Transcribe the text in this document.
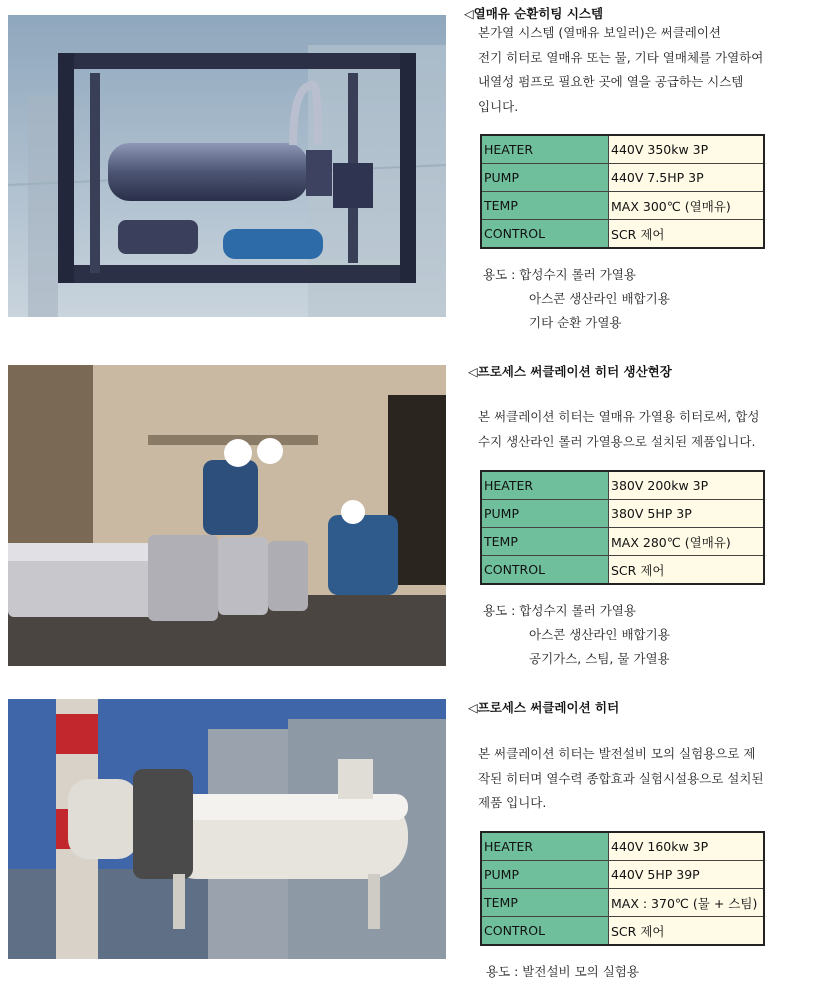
◁열매유 순환히팅 시스템
본가열 시스템 (열매유 보일러)은 써클레이션
전기 히터로 열매유 또는 물, 기타 열매체를 가열하여
내열성 펌프로 필요한 곳에 열을 공급하는 시스템
입니다.
HEATER	440V 350kw 3P
PUMP	440V 7.5HP 3P
TEMP	MAX 300℃ (열매유)
CONTROL	SCR 제어
용도 : 합성수지 롤러 가열용
아스콘 생산라인 배합기용
기타 순환 가열용
◁프로세스 써클레이션 히터 생산현장
본 써클레이션 히터는 열매유 가열용 히터로써, 합성
수지 생산라인 롤러 가열용으로 설치된 제품입니다.
HEATER	380V 200kw 3P
PUMP	380V 5HP 3P
TEMP	MAX 280℃ (열매유)
CONTROL	SCR 제어
용도 : 합성수지 롤러 가열용
아스콘 생산라인 배합기용
공기가스, 스팀, 물 가열용
◁프로세스 써클레이션 히터
본 써클레이션 히터는 발전설비 모의 실험용으로 제
작된 히터며 열수력 종합효과 실험시설용으로 설치된
제품 입니다.
HEATER	440V 160kw 3P
PUMP	440V 5HP 39P
TEMP	MAX : 370℃ (물 + 스팀)
CONTROL	SCR 제어
용도 : 발전설비 모의 실험용
